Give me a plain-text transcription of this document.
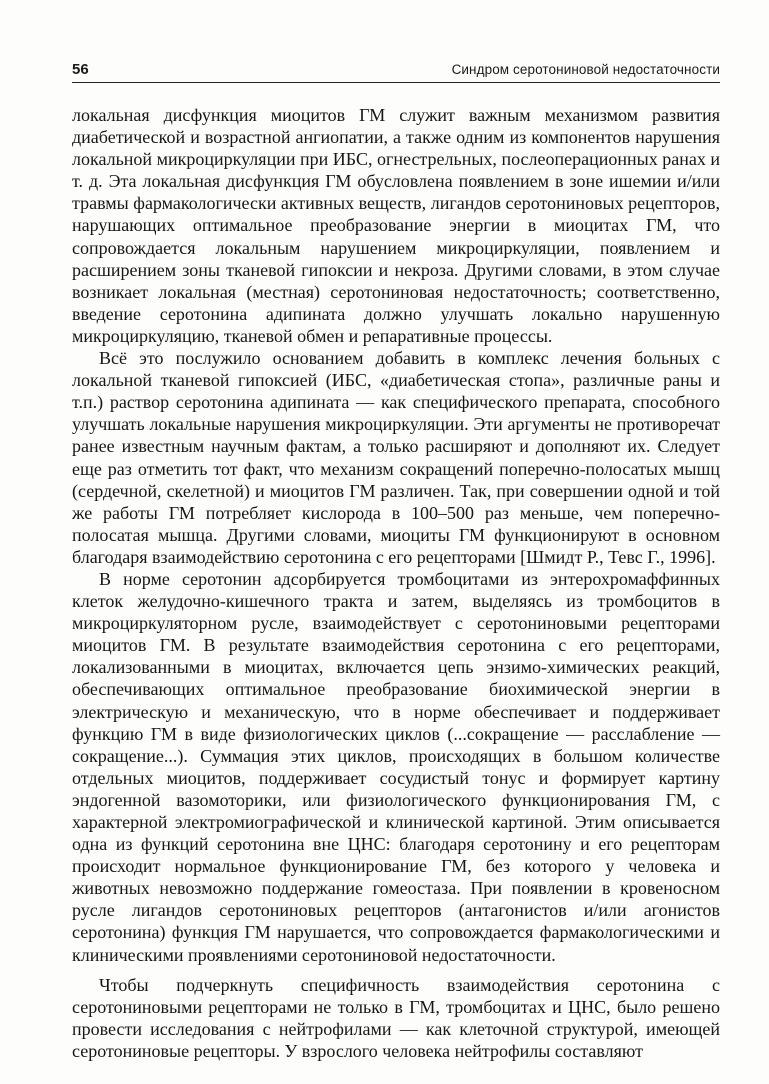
56	Синдром серотониновой недостаточности

локальная дисфункция миоцитов ГМ служит важным механизмом развития диабетической и возрастной ангиопатии, а также одним из компонентов нарушения локальной микроциркуляции при ИБС, огнестрельных, послеоперационных ранах и т. д. Эта локальная дисфункция ГМ обусловлена появлением в зоне ишемии и/или травмы фармакологически активных веществ, лигандов серотониновых рецепторов, нарушающих оптимальное преобразование энергии в миоцитах ГМ, что сопровождается локальным нарушением микроциркуляции, появлением и расширением зоны тканевой гипоксии и некроза. Другими словами, в этом случае возникает локальная (местная) серотониновая недостаточность; соответственно, введение серотонина адипината должно улучшать локально нарушенную микроциркуляцию, тканевой обмен и репаративные процессы.

Всё это послужило основанием добавить в комплекс лечения больных с локальной тканевой гипоксией (ИБС, «диабетическая стопа», различные раны и т.п.) раствор серотонина адипината — как специфического препарата, способного улучшать локальные нарушения микроциркуляции. Эти аргументы не противоречат ранее известным научным фактам, а только расширяют и дополняют их. Следует еще раз отметить тот факт, что механизм сокращений поперечно-полосатых мышц (сердечной, скелетной) и миоцитов ГМ различен. Так, при совершении одной и той же работы ГМ потребляет кислорода в 100–500 раз меньше, чем поперечно-полосатая мышца. Другими словами, миоциты ГМ функционируют в основном благодаря взаимодействию серотонина с его рецепторами [Шмидт Р., Тевс Г., 1996].

В норме серотонин адсорбируется тромбоцитами из энтерохромаффинных клеток желудочно-кишечного тракта и затем, выделяясь из тромбоцитов в микроциркуляторном русле, взаимодействует с серотониновыми рецепторами миоцитов ГМ. В результате взаимодействия серотонина с его рецепторами, локализованными в миоцитах, включается цепь энзимо-химических реакций, обеспечивающих оптимальное преобразование биохимической энергии в электрическую и механическую, что в норме обеспечивает и поддерживает функцию ГМ в виде физиологических циклов (...сокращение — расслабление — сокращение...). Суммация этих циклов, происходящих в большом количестве отдельных миоцитов, поддерживает сосудистый тонус и формирует картину эндогенной вазомоторики, или физиологического функционирования ГМ, с характерной электромиографической и клинической картиной. Этим описывается одна из функций серотонина вне ЦНС: благодаря серотонину и его рецепторам происходит нормальное функционирование ГМ, без которого у человека и животных невозможно поддержание гомеостаза. При появлении в кровеносном русле лигандов серотониновых рецепторов (антагонистов и/или агонистов серотонина) функция ГМ нарушается, что сопровождается фармакологическими и клиническими проявлениями серотониновой недостаточности.

Чтобы подчеркнуть специфичность взаимодействия серотонина с серотониновыми рецепторами не только в ГМ, тромбоцитах и ЦНС, было решено провести исследования с нейтрофилами — как клеточной структурой, имеющей серотониновые рецепторы. У взрослого человека нейтрофилы составляют
